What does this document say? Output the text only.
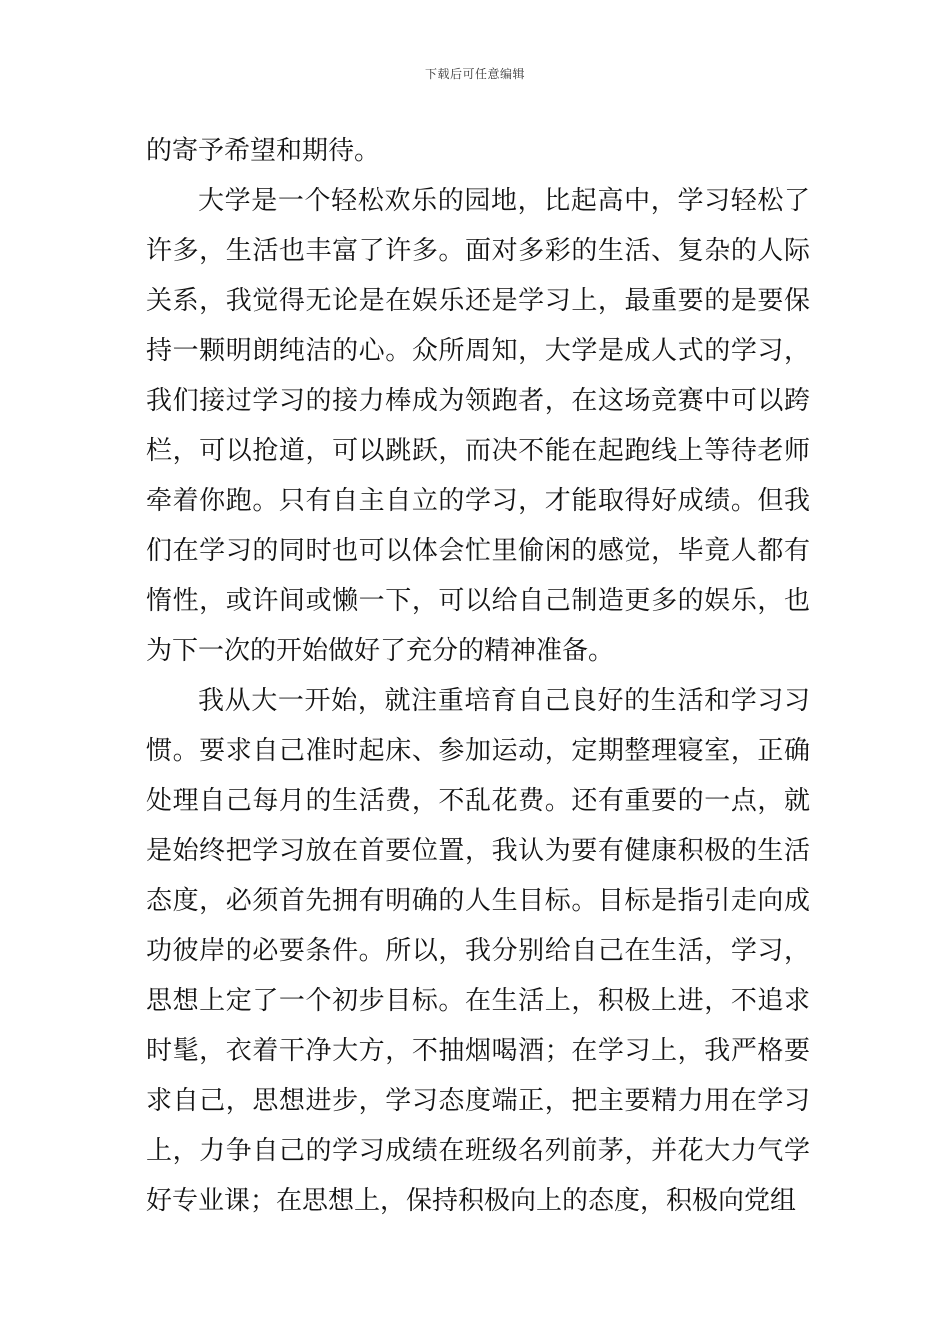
下载后可任意编辑

的寄予希望和期待。

大学是一个轻松欢乐的园地，比起高中，学习轻松了许多，生活也丰富了许多。面对多彩的生活、复杂的人际关系，我觉得无论是在娱乐还是学习上，最重要的是要保持一颗明朗纯洁的心。众所周知，大学是成人式的学习，我们接过学习的接力棒成为领跑者，在这场竞赛中可以跨栏，可以抢道，可以跳跃，而决不能在起跑线上等待老师牵着你跑。只有自主自立的学习，才能取得好成绩。但我们在学习的同时也可以体会忙里偷闲的感觉，毕竟人都有惰性，或许间或懒一下，可以给自己制造更多的娱乐，也为下一次的开始做好了充分的精神准备。

我从大一开始，就注重培育自己良好的生活和学习习惯。要求自己准时起床、参加运动，定期整理寝室，正确处理自己每月的生活费，不乱花费。还有重要的一点，就是始终把学习放在首要位置，我认为要有健康积极的生活态度，必须首先拥有明确的人生目标。目标是指引走向成功彼岸的必要条件。所以，我分别给自己在生活，学习，思想上定了一个初步目标。在生活上，积极上进，不追求时髦，衣着干净大方，不抽烟喝酒；在学习上，我严格要求自己，思想进步，学习态度端正，把主要精力用在学习上，力争自己的学习成绩在班级名列前茅，并花大力气学好专业课；在思想上，保持积极向上的态度，积极向党组
